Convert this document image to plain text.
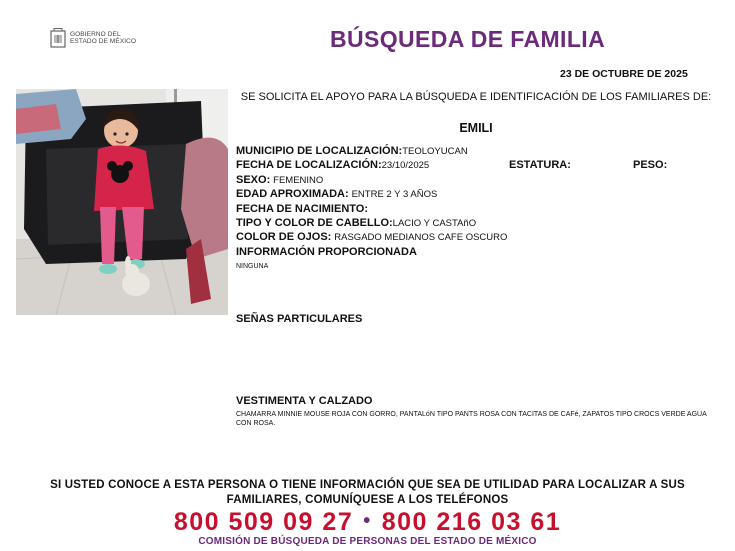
GOBIERNO DEL
ESTADO DE MÉXICO	BÚSQUEDA DE FAMILIA
23 DE OCTUBRE DE 2025
SE SOLICITA EL APOYO PARA LA BÚSQUEDA E IDENTIFICACIÓN DE LOS FAMILIARES DE:
EMILI
MUNICIPIO DE LOCALIZACIÓN:TEOLOYUCAN
FECHA DE LOCALIZACIÓN:23/10/2025	ESTATURA:	PESO:
SEXO: FEMENINO
EDAD APROXIMADA: ENTRE 2 Y 3 AÑOS
FECHA DE NACIMIENTO:
TIPO Y COLOR DE CABELLO:LACIO Y CASTAñO
COLOR DE OJOS: RASGADO MEDIANOS CAFE OSCURO
INFORMACIÓN PROPORCIONADA
NINGUNA
SEÑAS PARTICULARES
VESTIMENTA Y CALZADO
CHAMARRA MINNIE MOUSE ROJA CON GORRO, PANTALóN TIPO PANTS ROSA CON TACITAS DE CAFé, ZAPATOS TIPO CROCS VERDE AGUA CON ROSA.
SI USTED CONOCE A ESTA PERSONA O TIENE INFORMACIÓN QUE SEA DE UTILIDAD PARA LOCALIZAR A SUS
FAMILIARES, COMUNÍQUESE A LOS TELÉFONOS
800 509 09 27 • 800 216 03 61
COMISIÓN DE BÚSQUEDA DE PERSONAS DEL ESTADO DE MÉXICO
